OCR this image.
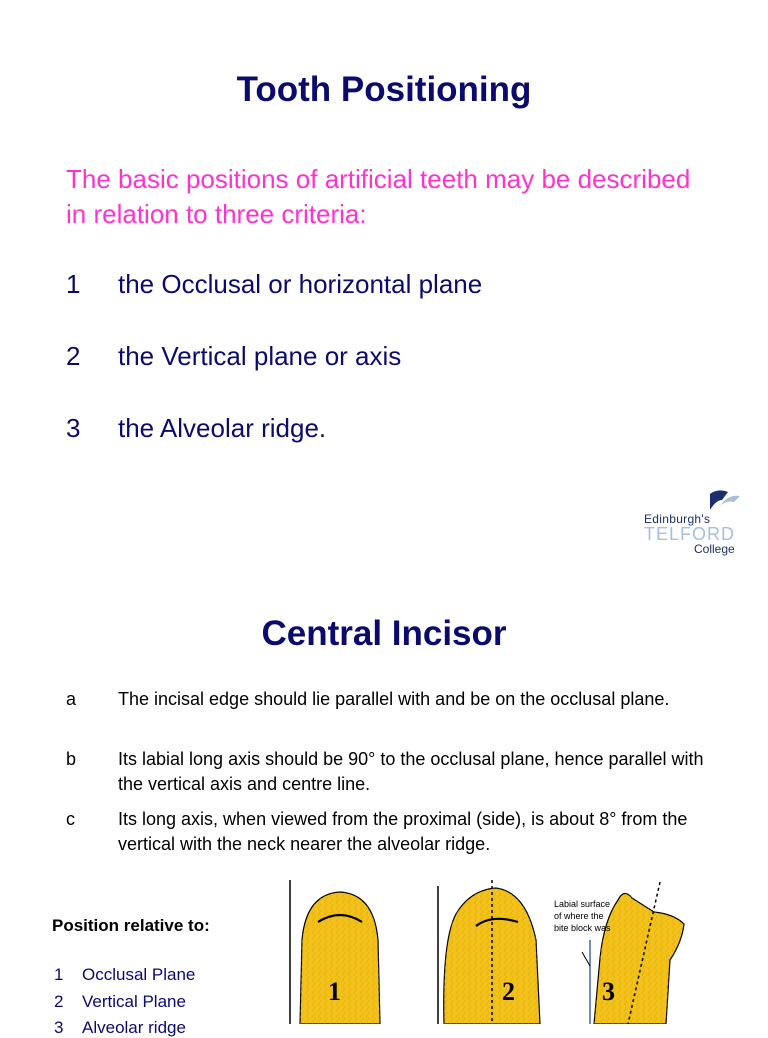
Tooth Positioning

The basic positions of artificial teeth may be described in relation to three criteria:

1	the Occlusal or horizontal plane
2	the Vertical plane or axis
3	the Alveolar ridge.
Edinburgh's
TELFORD
College
Central Incisor
a	The incisal edge should lie parallel with and be on the occlusal plane.
b	Its labial long axis should be 90° to the occlusal plane, hence parallel with the vertical axis and centre line.
c	Its long axis, when viewed from the proximal (side), is about 8° from the vertical with the neck nearer the alveolar ridge.
Position relative to:
1	Occlusal Plane
2	Vertical Plane
3	Alveolar ridge
1	2	3
Labial surface of where the bite block was
